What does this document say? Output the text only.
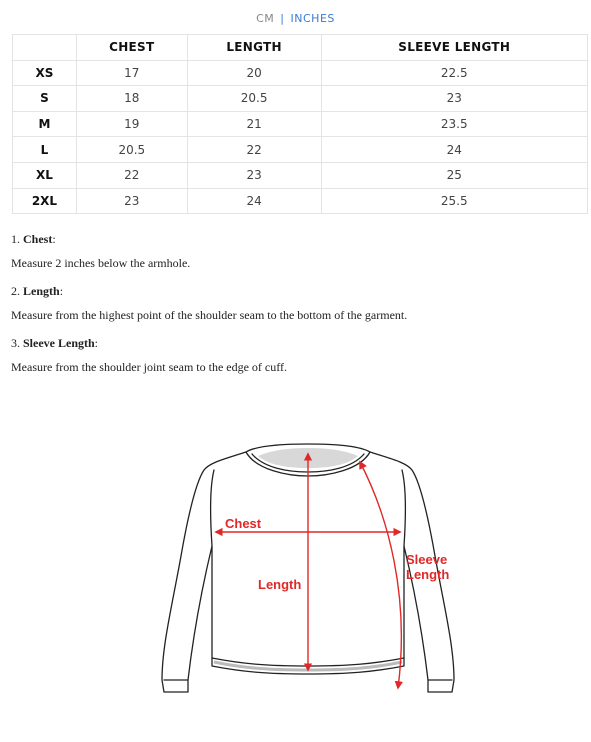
CM | INCHES
	CHEST	LENGTH	SLEEVE LENGTH
XS	17	20	22.5
S	18	20.5	23
M	19	21	23.5
L	20.5	22	24
XL	22	23	25
2XL	23	24	25.5
1. Chest:
Measure 2 inches below the armhole.
2. Length:
Measure from the highest point of the shoulder seam to the bottom of the garment.
3. Sleeve Length:
Measure from the shoulder joint seam to the edge of cuff.
Chest
Length
Sleeve
Length
